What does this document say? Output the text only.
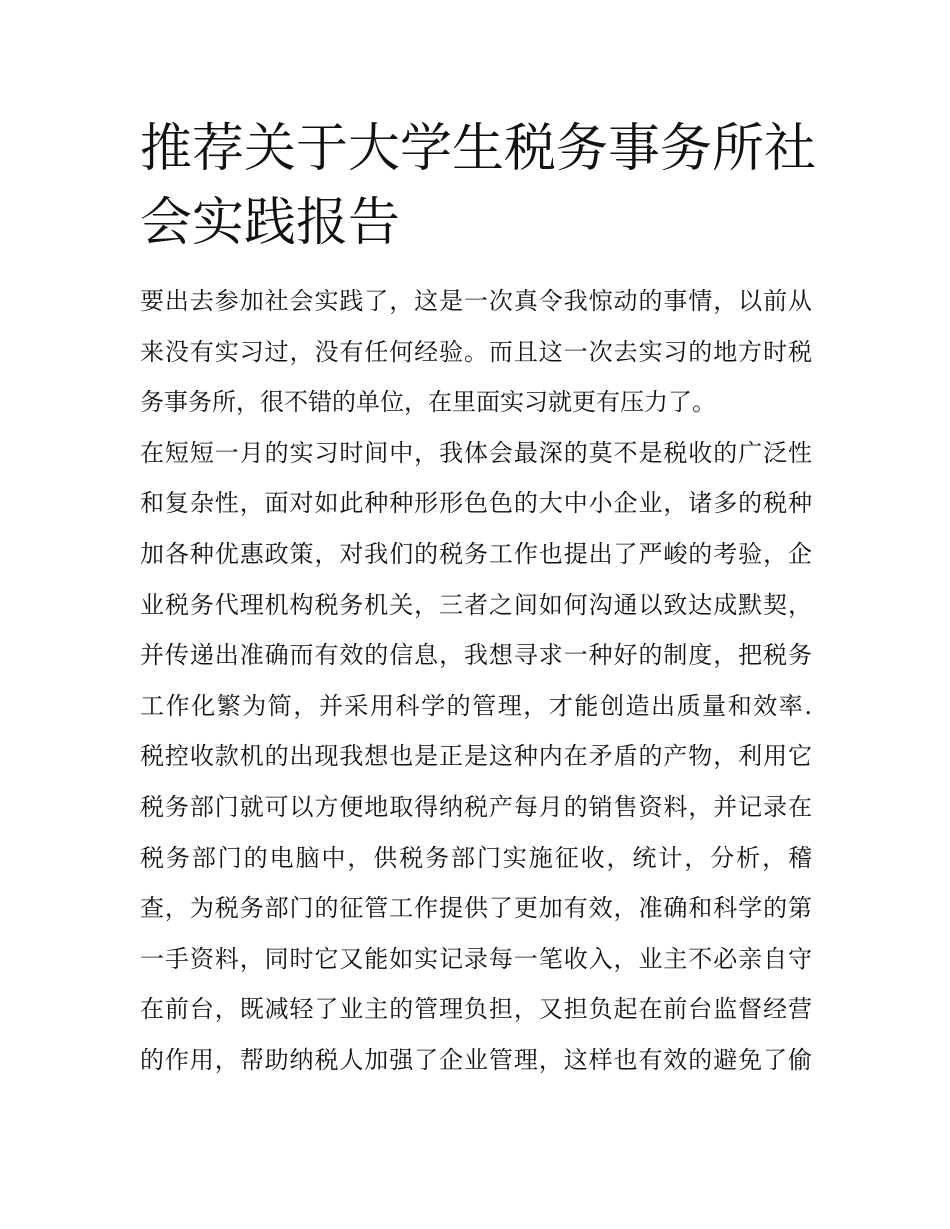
推荐关于大学生税务事务所社
会实践报告
要出去参加社会实践了，这是一次真令我惊动的事情，以前从
来没有实习过，没有任何经验。而且这一次去实习的地方时税
务事务所，很不错的单位，在里面实习就更有压力了。
在短短一月的实习时间中，我体会最深的莫不是税收的广泛性
和复杂性，面对如此种种形形色色的大中小企业，诸多的税种
加各种优惠政策，对我们的税务工作也提出了严峻的考验，企
业税务代理机构税务机关，三者之间如何沟通以致达成默契，
并传递出准确而有效的信息，我想寻求一种好的制度，把税务
工作化繁为简，并采用科学的管理，才能创造出质量和效率.
税控收款机的出现我想也是正是这种内在矛盾的产物，利用它
税务部门就可以方便地取得纳税产每月的销售资料，并记录在
税务部门的电脑中，供税务部门实施征收，统计，分析，稽
查，为税务部门的征管工作提供了更加有效，准确和科学的第
一手资料，同时它又能如实记录每一笔收入，业主不必亲自守
在前台，既减轻了业主的管理负担，又担负起在前台监督经营
的作用，帮助纳税人加强了企业管理，这样也有效的避免了偷
